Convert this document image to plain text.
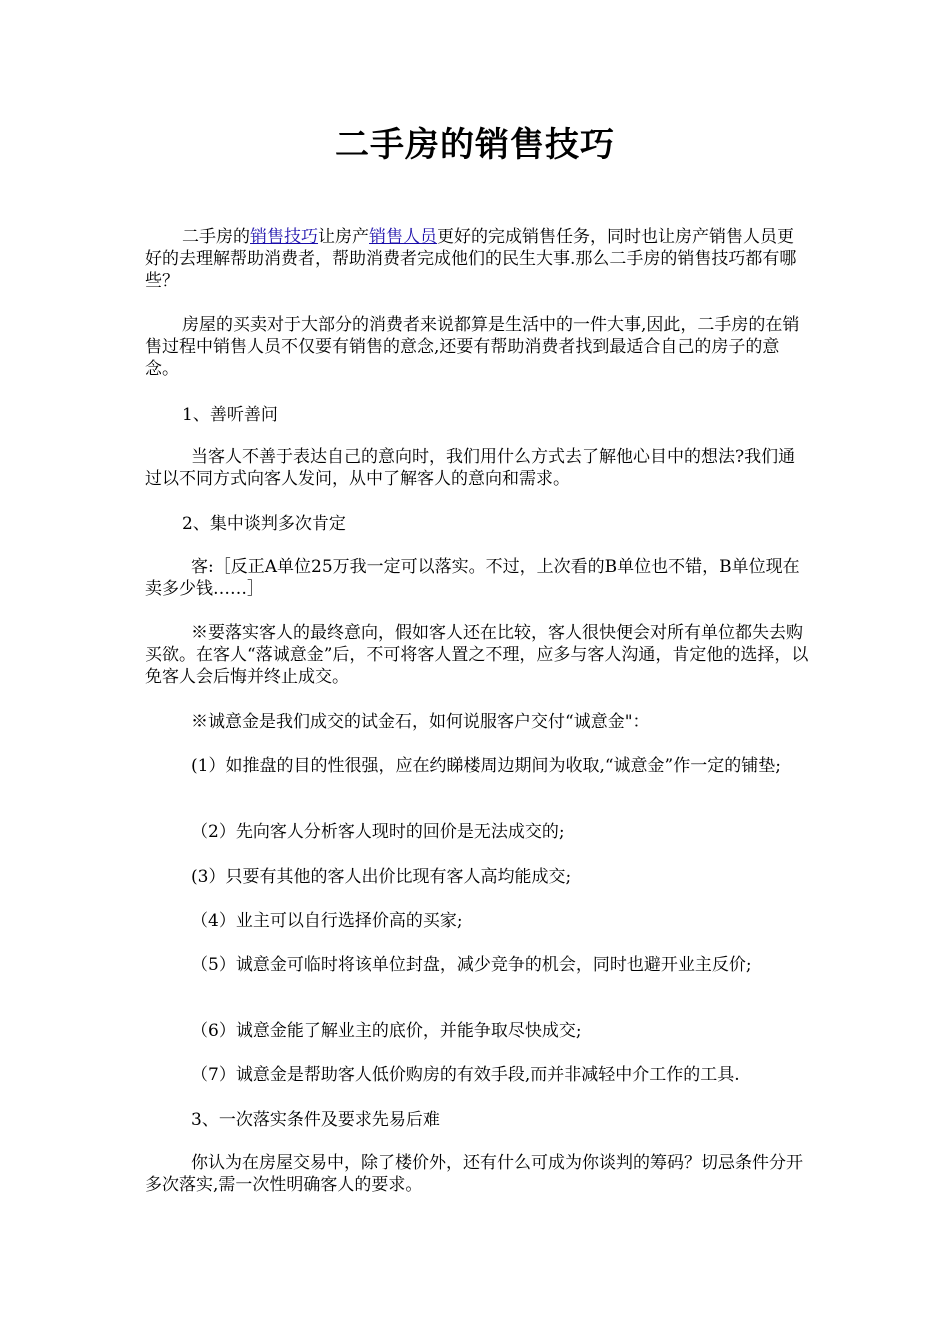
二手房的销售技巧

二手房的销售技巧让房产销售人员更好的完成销售任务，同时也让房产销售人员更好的去理解帮助消费者，帮助消费者完成他们的民生大事.那么二手房的销售技巧都有哪些？

房屋的买卖对于大部分的消费者来说都算是生活中的一件大事,因此，二手房的在销售过程中销售人员不仅要有销售的意念,还要有帮助消费者找到最适合自己的房子的意念。

1、善听善问

当客人不善于表达自己的意向时，我们用什么方式去了解他心目中的想法?我们通过以不同方式向客人发问，从中了解客人的意向和需求。

2、集中谈判多次肯定

客:［反正A单位25万我一定可以落实。不过，上次看的B单位也不错，B单位现在卖多少钱……］

※要落实客人的最终意向，假如客人还在比较，客人很快便会对所有单位都失去购买欲。在客人“落诚意金”后，不可将客人置之不理，应多与客人沟通，肯定他的选择，以免客人会后悔并终止成交。

※诚意金是我们成交的试金石，如何说服客户交付“诚意金"：

(1）如推盘的目的性很强，应在约睇楼周边期间为收取,“诚意金”作一定的铺垫;

（2）先向客人分析客人现时的回价是无法成交的;

(3）只要有其他的客人出价比现有客人高均能成交;

（4）业主可以自行选择价高的买家;

（5）诚意金可临时将该单位封盘，减少竞争的机会，同时也避开业主反价;

（6）诚意金能了解业主的底价，并能争取尽快成交;

（7）诚意金是帮助客人低价购房的有效手段,而并非减轻中介工作的工具.

3、一次落实条件及要求先易后难

你认为在房屋交易中，除了楼价外，还有什么可成为你谈判的筹码？切忌条件分开多次落实,需一次性明确客人的要求。
